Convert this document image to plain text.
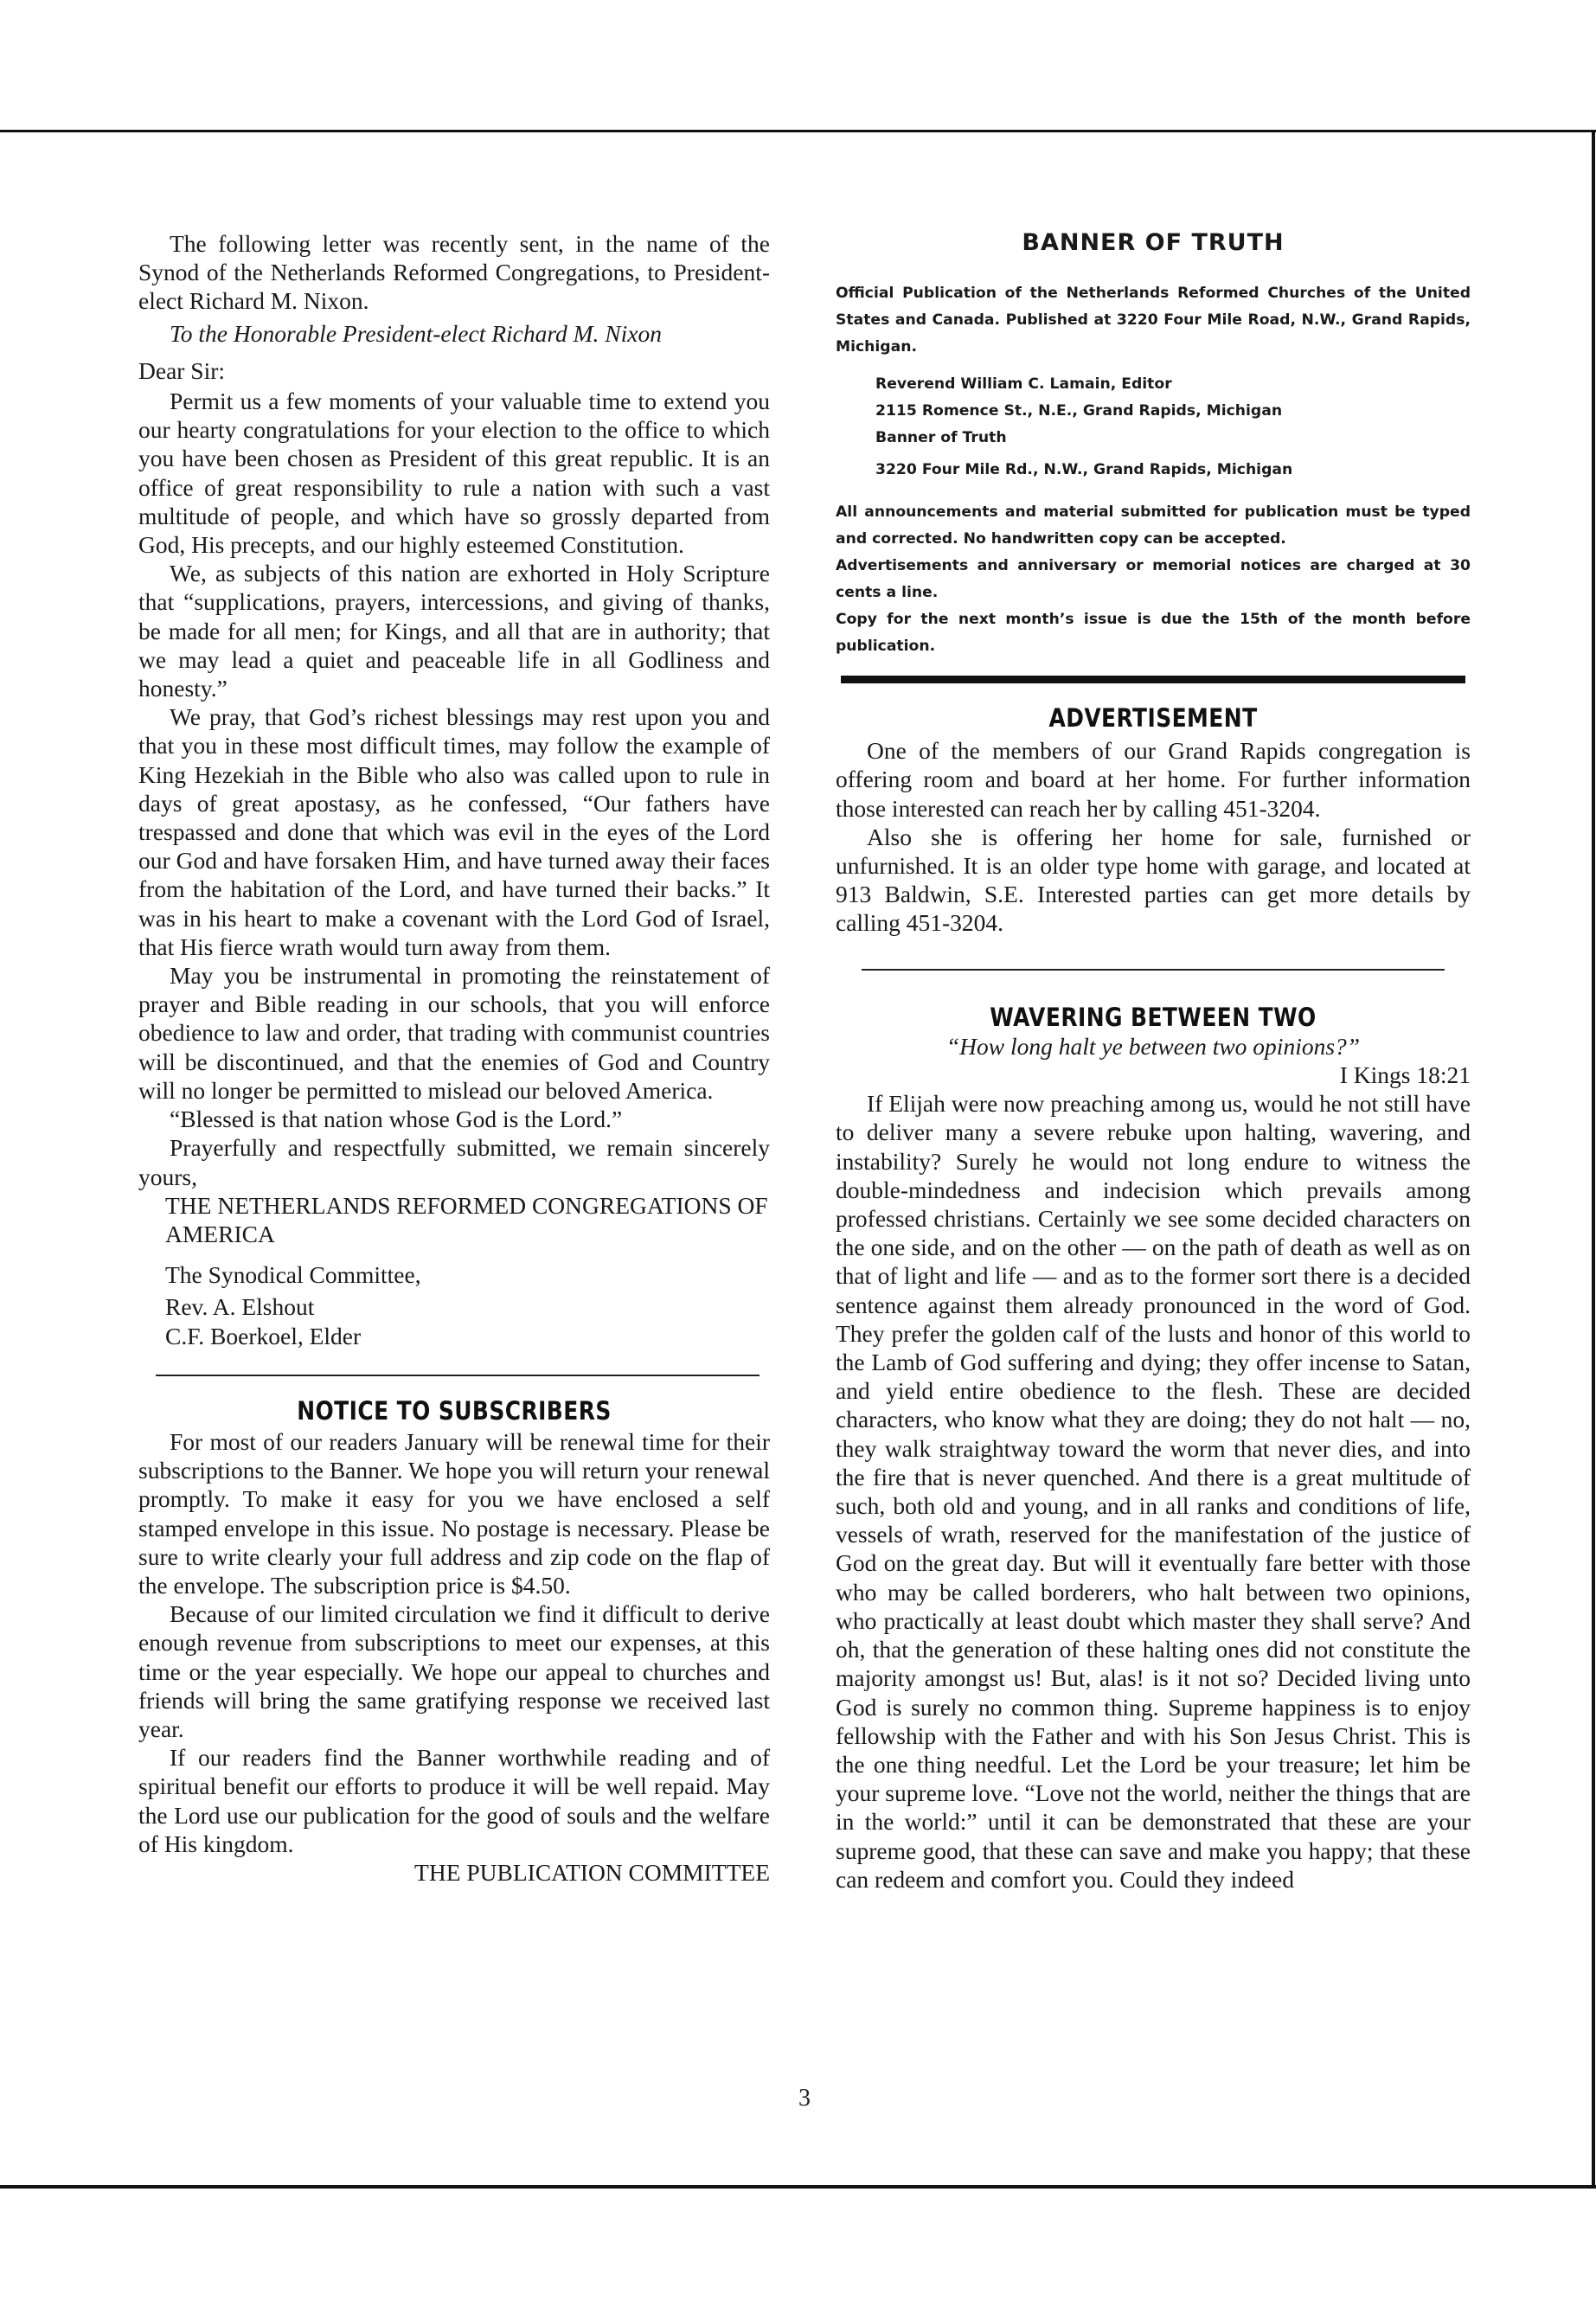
The following letter was recently sent, in the name of the Synod of the Netherlands Reformed Congregations, to President-elect Richard M. Nixon.

To the Honorable President-elect Richard M. Nixon

Dear Sir:

Permit us a few moments of your valuable time to extend you our hearty congratulations for your election to the office to which you have been chosen as President of this great republic. It is an office of great responsibility to rule a nation with such a vast multitude of people, and which have so grossly departed from God, His precepts, and our highly esteemed Constitution.

We, as subjects of this nation are exhorted in Holy Scripture that “supplications, prayers, intercessions, and giving of thanks, be made for all men; for Kings, and all that are in authority; that we may lead a quiet and peaceable life in all Godliness and honesty.”

We pray, that God’s richest blessings may rest upon you and that you in these most difficult times, may follow the example of King Hezekiah in the Bible who also was called upon to rule in days of great apostasy, as he confessed, “Our fathers have trespassed and done that which was evil in the eyes of the Lord our God and have forsaken Him, and have turned away their faces from the habitation of the Lord, and have turned their backs.” It was in his heart to make a covenant with the Lord God of Israel, that His fierce wrath would turn away from them.

May you be instrumental in promoting the reinstatement of prayer and Bible reading in our schools, that you will enforce obedience to law and order, that trading with communist countries will be discontinued, and that the enemies of God and Country will no longer be permitted to mislead our beloved America.

“Blessed is that nation whose God is the Lord.”

Prayerfully and respectfully submitted, we remain sincerely yours,

THE NETHERLANDS REFORMED CONGREGATIONS OF AMERICA

The Synodical Committee,

Rev. A. Elshout

C.F. Boerkoel, Elder

NOTICE TO SUBSCRIBERS

For most of our readers January will be renewal time for their subscriptions to the Banner. We hope you will return your renewal promptly. To make it easy for you we have enclosed a self stamped envelope in this issue. No postage is necessary. Please be sure to write clearly your full address and zip code on the flap of the envelope. The subscription price is $4.50.

Because of our limited circulation we find it difficult to derive enough revenue from subscriptions to meet our expenses, at this time or the year especially. We hope our appeal to churches and friends will bring the same gratifying response we received last year.

If our readers find the Banner worthwhile reading and of spiritual benefit our efforts to produce it will be well repaid. May the Lord use our publication for the good of souls and the welfare of His kingdom.

THE PUBLICATION COMMITTEE

BANNER OF TRUTH

Official Publication of the Netherlands Reformed Churches of the United States and Canada. Published at 3220 Four Mile Road, N.W., Grand Rapids, Michigan.

Reverend William C. Lamain, Editor

2115 Romence St., N.E., Grand Rapids, Michigan

Banner of Truth

3220 Four Mile Rd., N.W., Grand Rapids, Michigan

All announcements and material submitted for publication must be typed and corrected. No handwritten copy can be accepted.

Advertisements and anniversary or memorial notices are charged at 30 cents a line.

Copy for the next month’s issue is due the 15th of the month before publication.

ADVERTISEMENT

One of the members of our Grand Rapids congregation is offering room and board at her home. For further information those interested can reach her by calling 451-3204.

Also she is offering her home for sale, furnished or unfurnished. It is an older type home with garage, and located at 913 Baldwin, S.E. Interested parties can get more details by calling 451-3204.

WAVERING BETWEEN TWO

“How long halt ye between two opinions?”

I Kings 18:21

If Elijah were now preaching among us, would he not still have to deliver many a severe rebuke upon halting, wavering, and instability? Surely he would not long endure to witness the double-mindedness and indecision which prevails among professed christians. Certainly we see some decided characters on the one side, and on the other — on the path of death as well as on that of light and life — and as to the former sort there is a decided sentence against them already pronounced in the word of God. They prefer the golden calf of the lusts and honor of this world to the Lamb of God suffering and dying; they offer incense to Satan, and yield entire obedience to the flesh. These are decided characters, who know what they are doing; they do not halt — no, they walk straightway toward the worm that never dies, and into the fire that is never quenched. And there is a great multitude of such, both old and young, and in all ranks and conditions of life, vessels of wrath, reserved for the manifestation of the justice of God on the great day. But will it eventually fare better with those who may be called borderers, who halt between two opinions, who practically at least doubt which master they shall serve? And oh, that the generation of these halting ones did not constitute the majority amongst us! But, alas! is it not so? Decided living unto God is surely no common thing. Supreme happiness is to enjoy fellowship with the Father and with his Son Jesus Christ. This is the one thing needful. Let the Lord be your treasure; let him be your supreme love. “Love not the world, neither the things that are in the world:” until it can be demonstrated that these are your supreme good, that these can save and make you happy; that these can redeem and comfort you. Could they indeed

3
